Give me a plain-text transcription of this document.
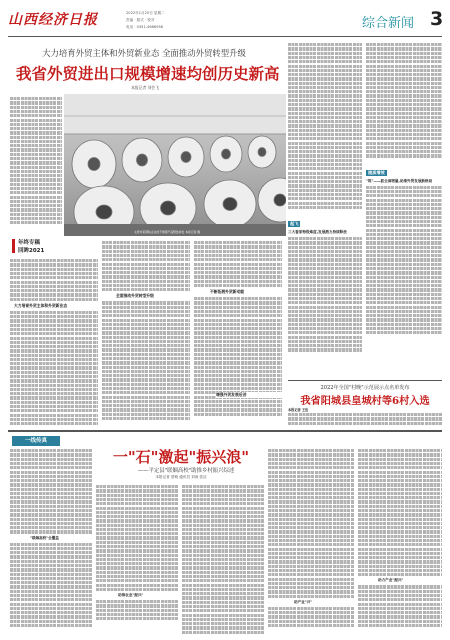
山西经济日报	2022年1月25日 星期二
责编 · 版式 · 校对
电话 · 0351-4666956	综合新闻 3
大力培育外贸主体和外贸新业态 全面推动外贸转型升级
我省外贸进出口规模增速均创历史新高
本报记者 刘会飞
太原市某钢铁企业的不锈钢产品整装待发 本报记者 摄
年终专稿
回眸2021
大力培育外贸主体和外贸新业态
全面推动外贸转型升级
不断拓展外贸新动能
增强外贸发展后劲
起飞
三大看家特级难度,发展潜力持续释放
提质增效
"筑"——抓全面增量,助推外贸发展新格局
2022年全国"村晚"示范展示点名单发布
我省阳城县皇城村等6村入选
本报记者 王佳
一线传真
一"石"激起"振兴浪"
——平定县"联姻高校"助推乡村振兴综述
本报记者 蔡萌 通讯员 刘涛 张洁
"联姻高校"全覆盖
助推农业"振兴"
助产业"兴"
助力产业"振兴"
